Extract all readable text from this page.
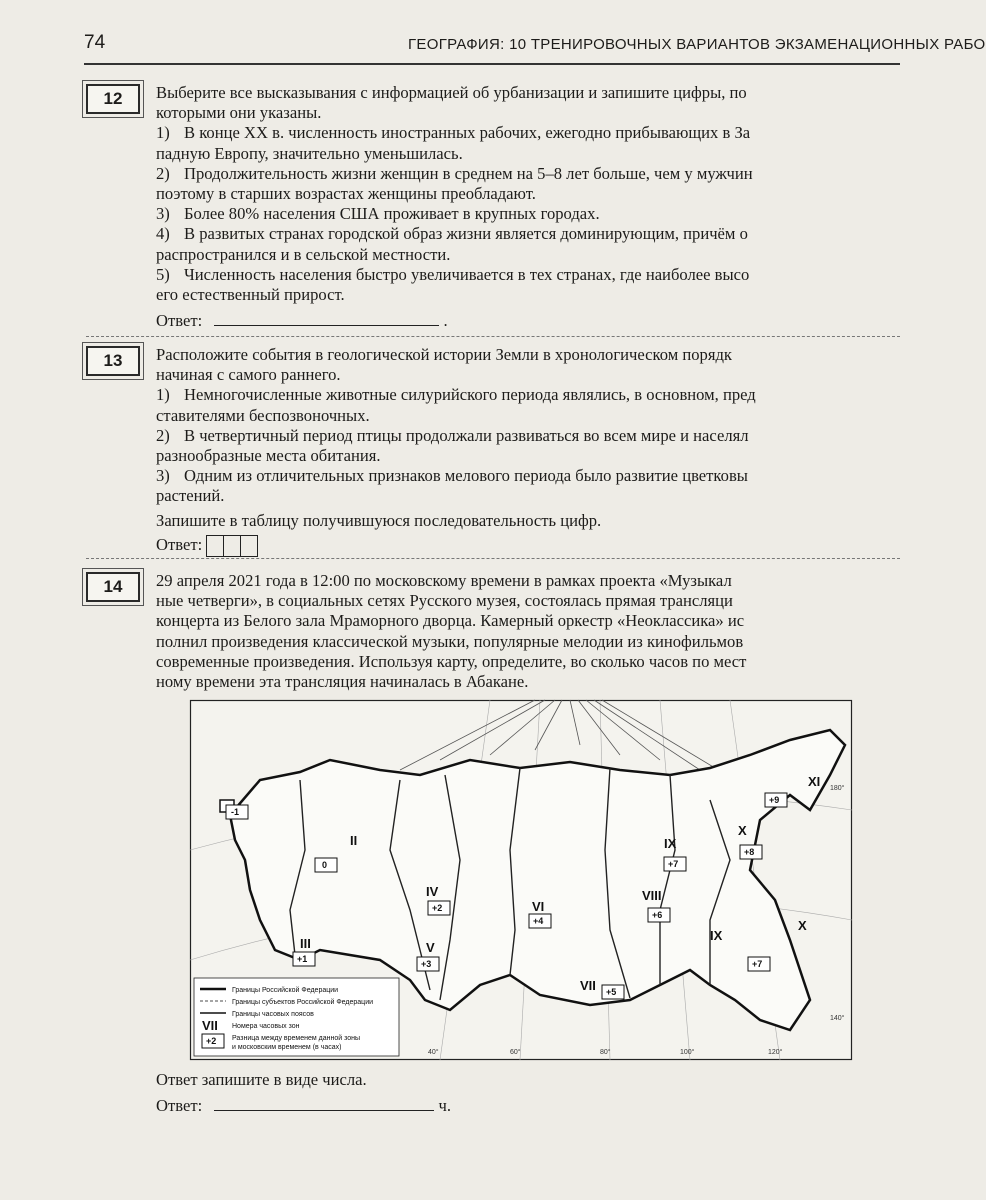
74	ГЕОГРАФИЯ: 10 ТРЕНИРОВОЧНЫХ ВАРИАНТОВ ЭКЗАМЕНАЦИОННЫХ РАБО
12	Выберите все высказывания с информацией об урбанизации и запишите цифры, по

которыми они указаны.

1) В конце XX в. численность иностранных рабочих, ежегодно прибывающих в За
падную Европу, значительно уменьшилась.
2) Продолжительность жизни женщин в среднем на 5–8 лет больше, чем у мужчин
поэтому в старших возрастах женщины преобладают.
3) Более 80% населения США проживает в крупных городах.
4) В развитых странах городской образ жизни является доминирующим, причём о
распространился и в сельской местности.
5) Численность населения быстро увеличивается в тех странах, где наиболее высо
его естественный прирост.

Ответ:	.

13	Расположите события в геологической истории Земли в хронологическом порядк

начиная с самого раннего.

1) Немногочисленные животные силурийского периода являлись, в основном, пред
ставителями беспозвоночных.
2) В четвертичный период птицы продолжали развиваться во всем мире и населял
разнообразные места обитания.
3) Одним из отличительных признаков мелового периода было развитие цветковы
растений.

Запишите в таблицу получившуюся последовательность цифр.

Ответ:

14	29 апреля 2021 года в 12:00 по московскому времени в рамках проекта «Музыкал

ные четверги», в социальных сетях Русского музея, состоялась прямая трансляци

концерта из Белого зала Мраморного дворца. Камерный оркестр «Неоклассика» ис

полнил произведения классической музыки, популярные мелодии из кинофильмов

современные произведения. Используя карту, определите, во сколько часов по мест

ному времени эта трансляция начиналась в Абакане.

II
0
III
+1
IV
+2
V
+3
VI
+4
VII +5
VIII
+6
IX
+7
X
+8
XI
+9
IX
+7
X
-1
40°	60°	80°	100°	120°
140°
180°
Границы Российской Федерации
Границы субъектов Российской Федерации
Границы часовых поясов
VII Номера часовых зон
+2 Разница между временем данной зоны
и московским временем (в часах)

Ответ запишите в виде числа.

Ответ:	ч.
